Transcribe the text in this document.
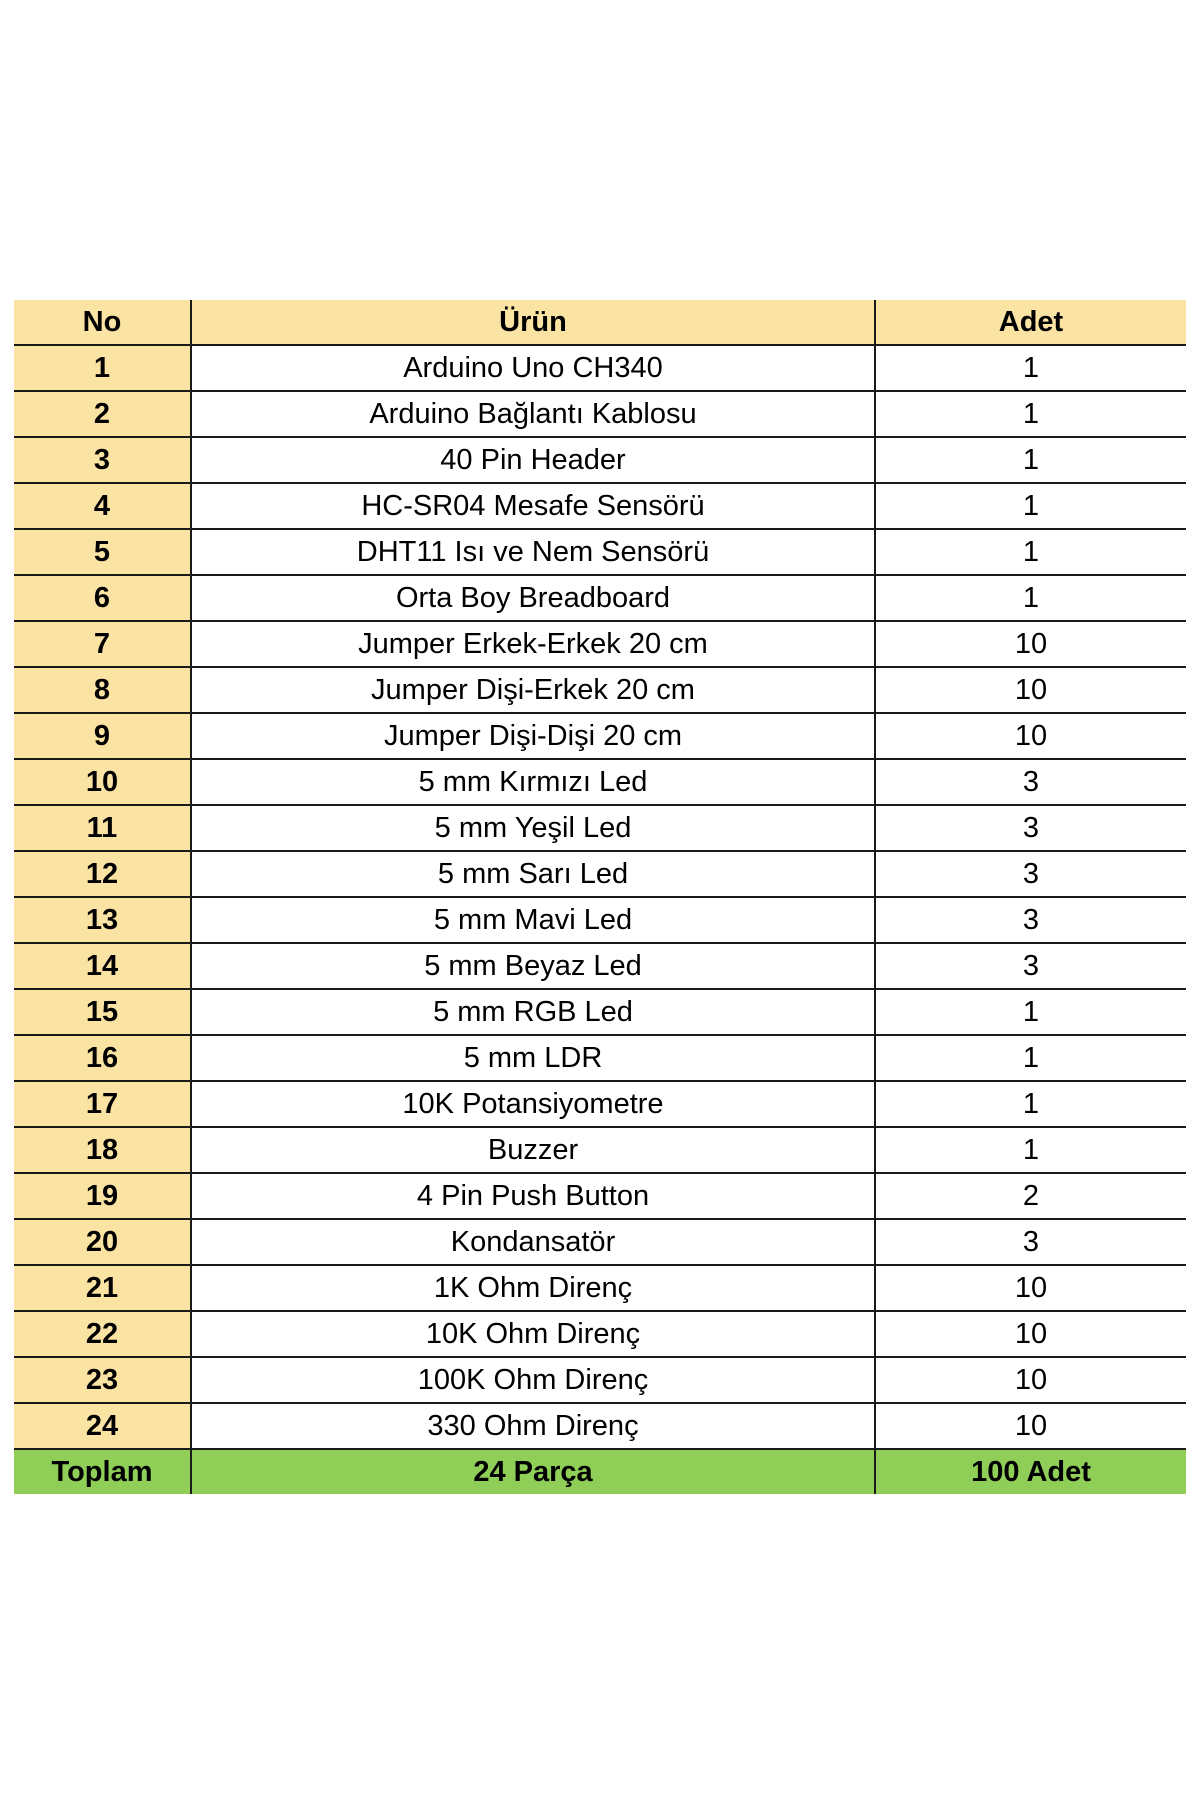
No	Ürün	Adet
1	Arduino Uno CH340	1
2	Arduino Bağlantı Kablosu	1
3	40 Pin Header	1
4	HC-SR04 Mesafe Sensörü	1
5	DHT11 Isı ve Nem Sensörü	1
6	Orta Boy Breadboard	1
7	Jumper Erkek-Erkek 20 cm	10
8	Jumper Dişi-Erkek 20 cm	10
9	Jumper Dişi-Dişi 20 cm	10
10	5 mm Kırmızı Led	3
11	5 mm Yeşil Led	3
12	5 mm Sarı Led	3
13	5 mm Mavi Led	3
14	5 mm Beyaz Led	3
15	5 mm RGB Led	1
16	5 mm LDR	1
17	10K Potansiyometre	1
18	Buzzer	1
19	4 Pin Push Button	2
20	Kondansatör	3
21	1K Ohm Direnç	10
22	10K Ohm Direnç	10
23	100K Ohm Direnç	10
24	330 Ohm Direnç	10
Toplam	24 Parça	100 Adet
